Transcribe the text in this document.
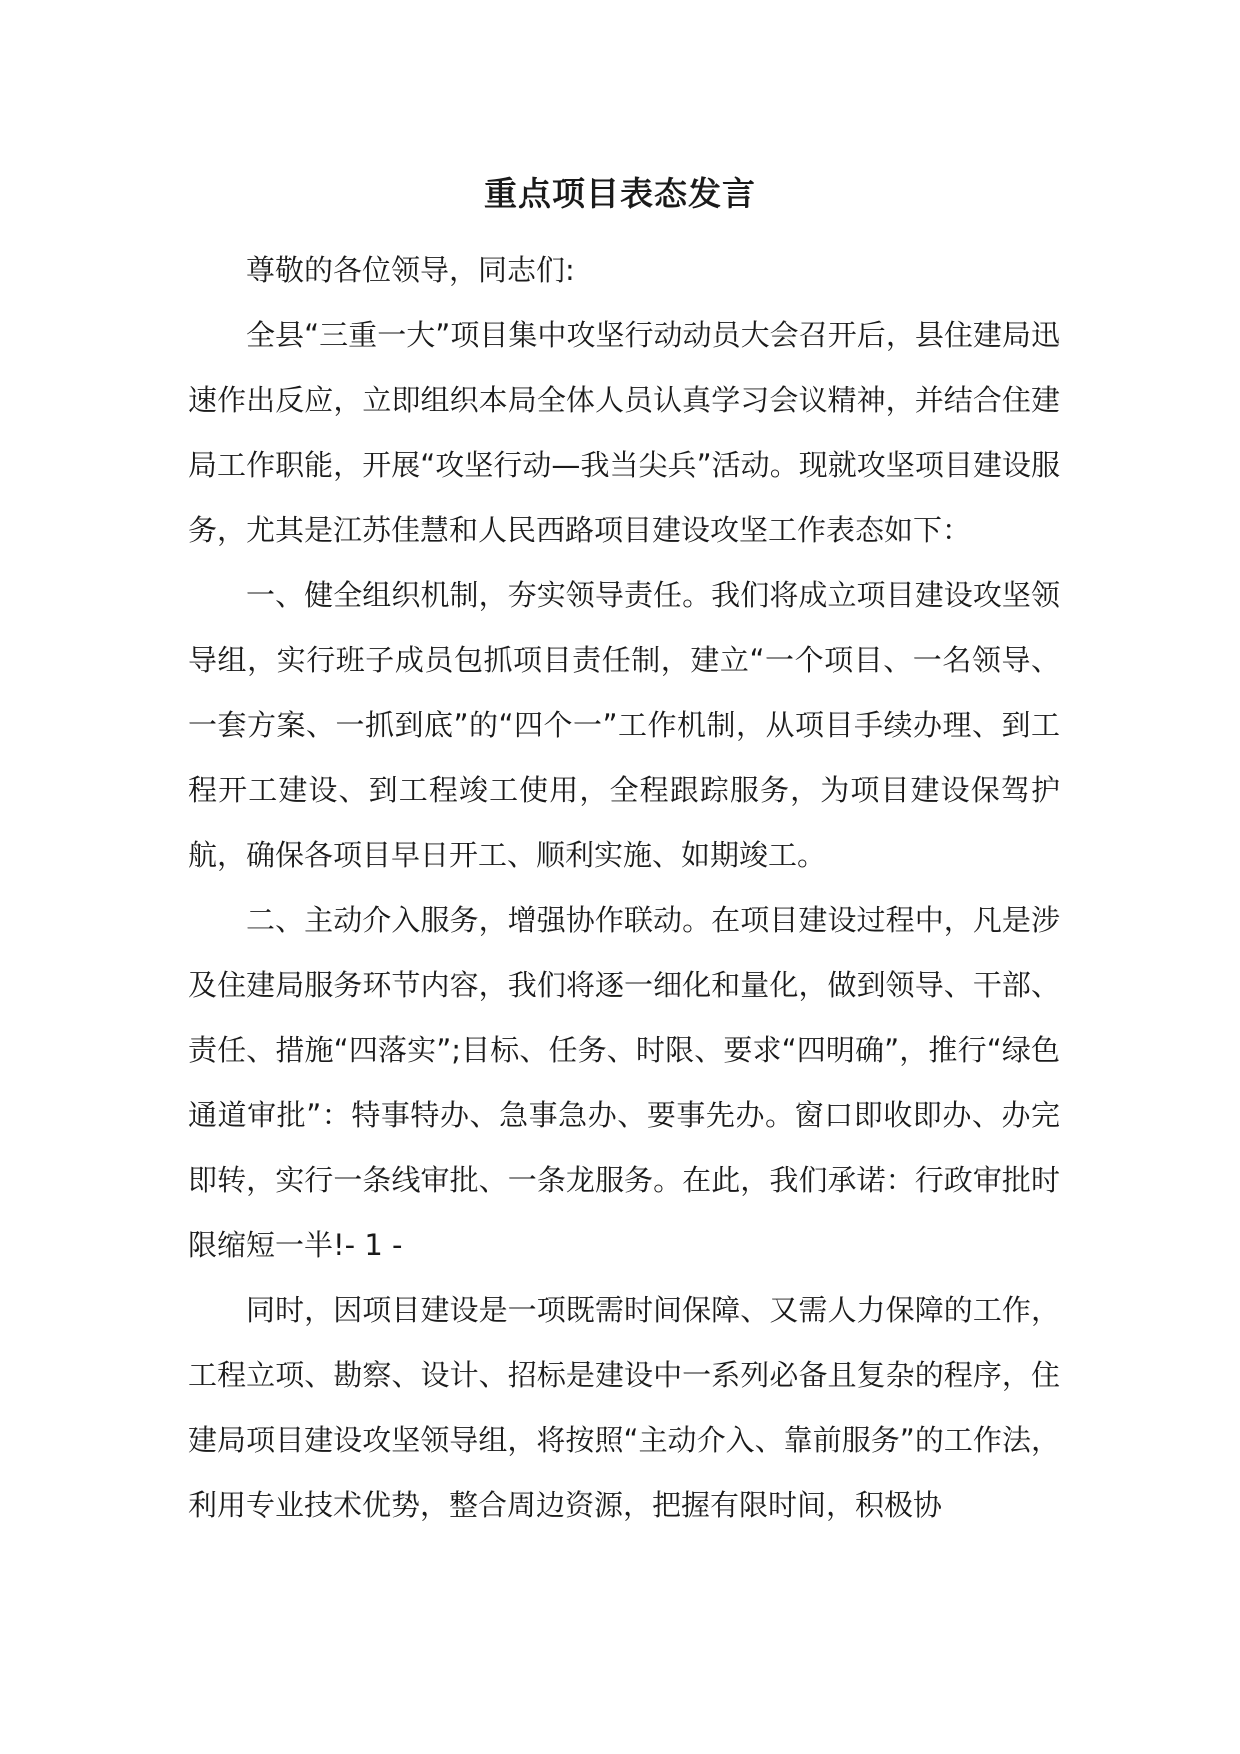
重点项目表态发言

尊敬的各位领导，同志们:

全县“三重一大”项目集中攻坚行动动员大会召开后，县住建局迅速作出反应，立即组织本局全体人员认真学习会议精神，并结合住建局工作职能，开展“攻坚行动—我当尖兵”活动。现就攻坚项目建设服务，尤其是江苏佳慧和人民西路项目建设攻坚工作表态如下：

一、健全组织机制，夯实领导责任。我们将成立项目建设攻坚领导组，实行班子成员包抓项目责任制，建立“一个项目、一名领导、一套方案、一抓到底”的“四个一”工作机制，从项目手续办理、到工程开工建设、到工程竣工使用，全程跟踪服务，为项目建设保驾护航，确保各项目早日开工、顺利实施、如期竣工。

二、主动介入服务，增强协作联动。在项目建设过程中，凡是涉及住建局服务环节内容，我们将逐一细化和量化，做到领导、干部、责任、措施“四落实”;目标、任务、时限、要求“四明确”，推行“绿色通道审批”：特事特办、急事急办、要事先办。窗口即收即办、办完即转，实行一条线审批、一条龙服务。在此，我们承诺：行政审批时限缩短一半!- 1 -

同时，因项目建设是一项既需时间保障、又需人力保障的工作，工程立项、勘察、设计、招标是建设中一系列必备且复杂的程序，住建局项目建设攻坚领导组，将按照“主动介入、靠前服务”的工作法，利用专业技术优势，整合周边资源，把握有限时间，积极协
